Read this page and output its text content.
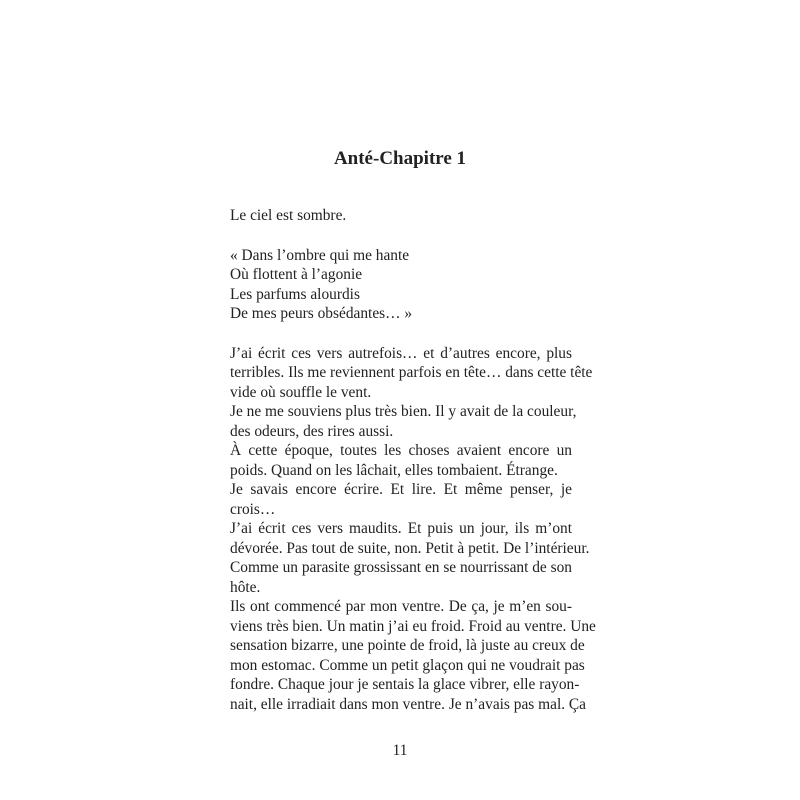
Anté-Chapitre 1

Le ciel est sombre.

« Dans l’ombre qui me hante
Où flottent à l’agonie
Les parfums alourdis
De mes peurs obsédantes… »

J’ai écrit ces vers autrefois… et d’autres encore, plus
terribles. Ils me reviennent parfois en tête… dans cette tête
vide où souffle le vent.

Je ne me souviens plus très bien. Il y avait de la couleur,
des odeurs, des rires aussi.

À cette époque, toutes les choses avaient encore un
poids. Quand on les lâchait, elles tombaient. Étrange.

Je savais encore écrire. Et lire. Et même penser, je
crois…

J’ai écrit ces vers maudits. Et puis un jour, ils m’ont
dévorée. Pas tout de suite, non. Petit à petit. De l’intérieur.
Comme un parasite grossissant en se nourrissant de son
hôte.

Ils ont commencé par mon ventre. De ça, je m’en sou-
viens très bien. Un matin j’ai eu froid. Froid au ventre. Une
sensation bizarre, une pointe de froid, là juste au creux de
mon estomac. Comme un petit glaçon qui ne voudrait pas
fondre. Chaque jour je sentais la glace vibrer, elle rayon-
nait, elle irradiait dans mon ventre. Je n’avais pas mal. Ça

11
